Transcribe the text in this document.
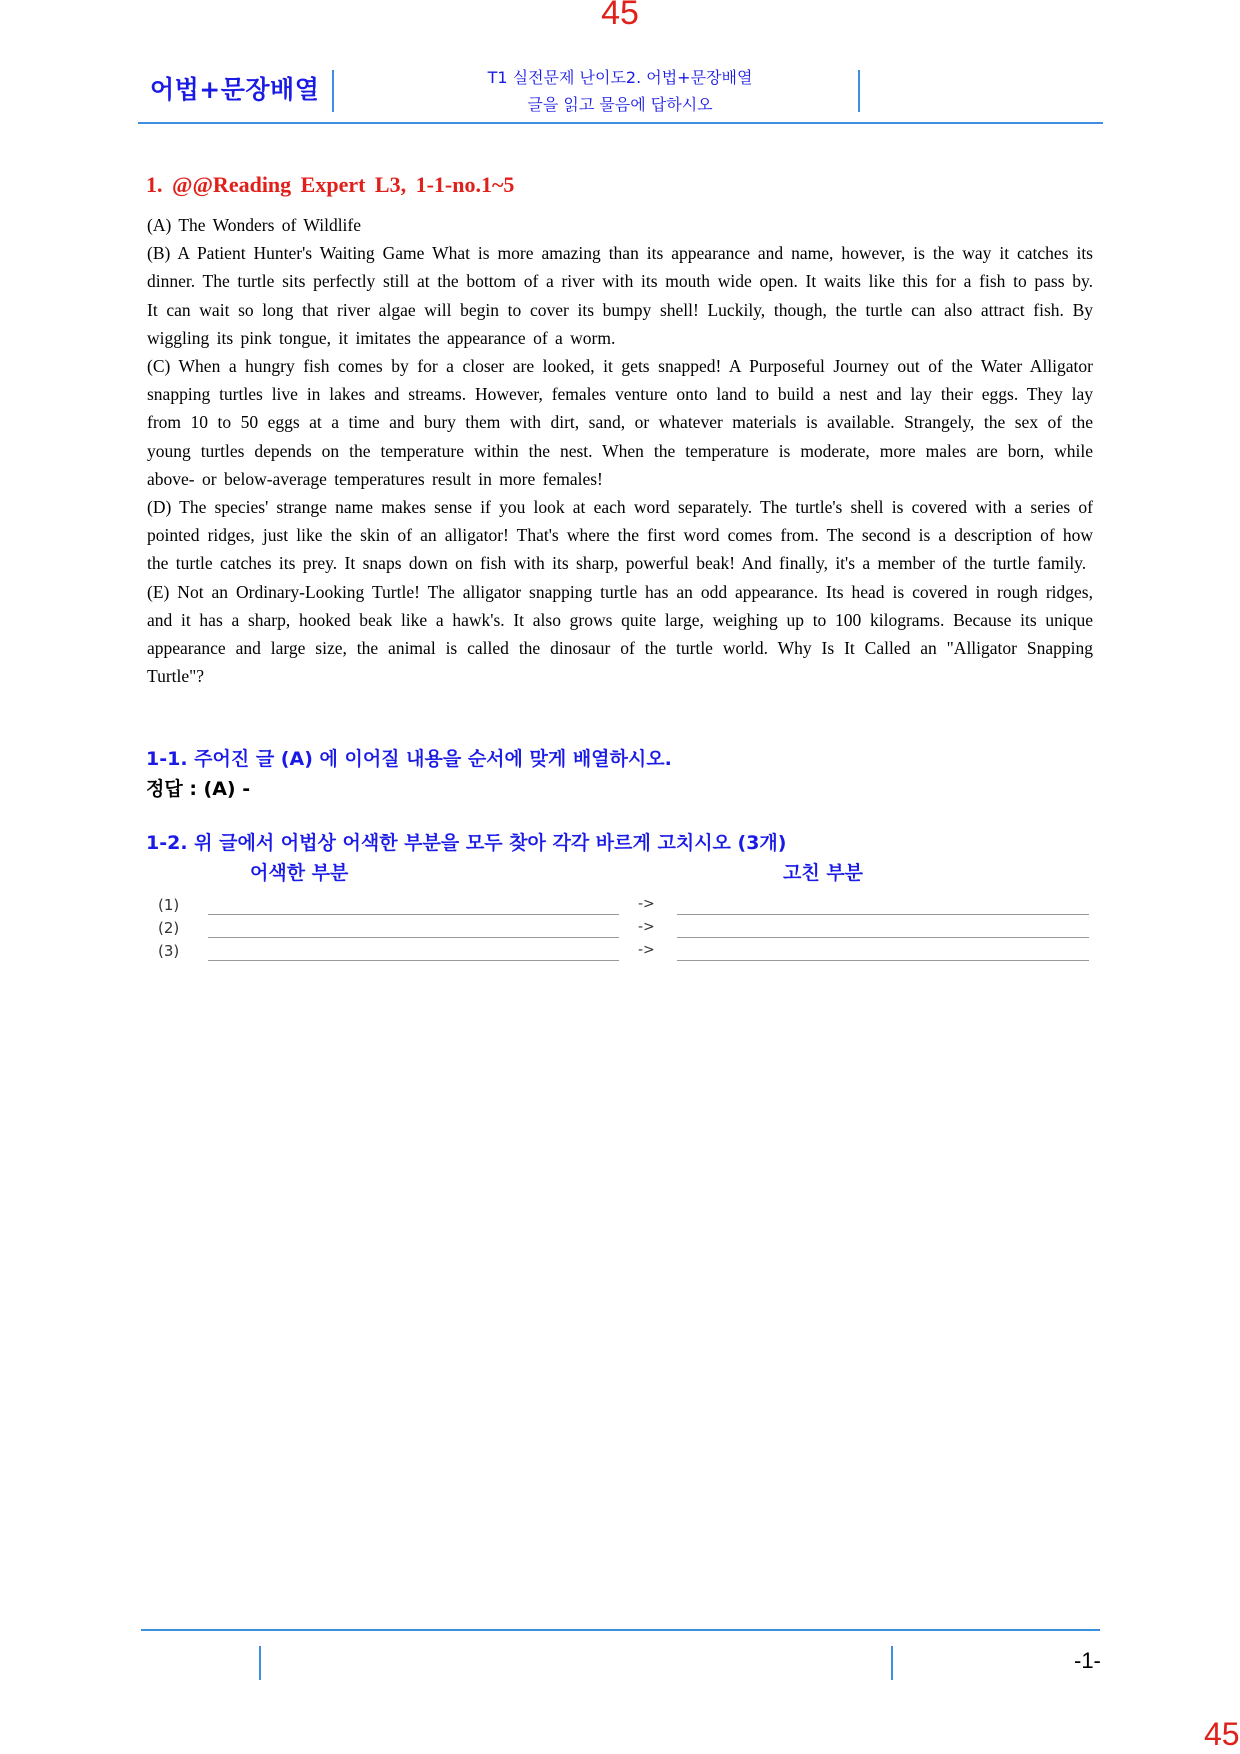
45
어법+문장배열	T1 실전문제 난이도2. 어법+문장배열
글을 읽고 물음에 답하시오
1. @@Reading Expert L3, 1-1-no.1~5

(A) The Wonders of Wildlife

(B) A Patient Hunter's Waiting Game What is more amazing than its appearance and name, however, is the way it catches its dinner. The turtle sits perfectly still at the bottom of a river with its mouth wide open. It waits like this for a fish to pass by. It can wait so long that river algae will begin to cover its bumpy shell! Luckily, though, the turtle can also attract fish. By wiggling its pink tongue, it imitates the appearance of a worm.

(C) When a hungry fish comes by for a closer are looked, it gets snapped! A Purposeful Journey out of the Water Alligator snapping turtles live in lakes and streams. However, females venture onto land to build a nest and lay their eggs. They lay from 10 to 50 eggs at a time and bury them with dirt, sand, or whatever materials is available. Strangely, the sex of the young turtles depends on the temperature within the nest. When the temperature is moderate, more males are born, while above- or below-average temperatures result in more females!

(D) The species' strange name makes sense if you look at each word separately. The turtle's shell is covered with a series of pointed ridges, just like the skin of an alligator! That's where the first word comes from. The second is a description of how the turtle catches its prey. It snaps down on fish with its sharp, powerful beak! And finally, it's a member of the turtle family.

(E) Not an Ordinary-Looking Turtle! The alligator snapping turtle has an odd appearance. Its head is covered in rough ridges, and it has a sharp, hooked beak like a hawk's. It also grows quite large, weighing up to 100 kilograms. Because its unique appearance and large size, the animal is called the dinosaur of the turtle world. Why Is It Called an "Alligator Snapping Turtle"?

1-1. 주어진 글 (A) 에 이어질 내용을 순서에 맞게 배열하시오.
정답 : (A) -
1-2. 위 글에서 어법상 어색한 부분을 모두 찾아 각각 바르게 고치시오 (3개)
어색한 부분	고친 부분
(1)	->
(2)	->
(3)	->
-1-
45
